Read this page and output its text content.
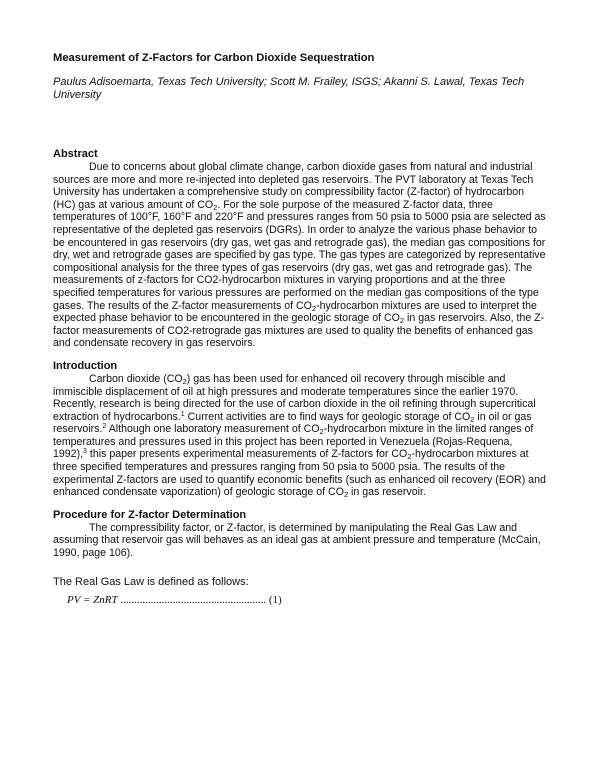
Measurement of Z-Factors for Carbon Dioxide Sequestration
Paulus Adisoemarta, Texas Tech University; Scott M. Frailey, ISGS; Akanni S. Lawal, Texas Tech University
Abstract

Due to concerns about global climate change, carbon dioxide gases from natural and industrial sources are more and more re-injected into depleted gas reservoirs. The PVT laboratory at Texas Tech University has undertaken a comprehensive study on compressibility factor (Z-factor) of hydrocarbon (HC) gas at various amount of $CO_2$. For the sole purpose of the measured Z-factor data, three temperatures of 100°F, 160°F and 220°F and pressures ranges from 50 psia to 5000 psia are selected as representative of the depleted gas reservoirs (DGRs). In order to analyze the various phase behavior to be encountered in gas reservoirs (dry gas, wet gas and retrograde gas), the median gas compositions for dry, wet and retrograde gases are specified by gas type. The gas types are categorized by representative compositional analysis for the three types of gas reservoirs (dry gas, wet gas and retrograde gas). The measurements of z-factors for CO2-hydrocarbon mixtures in varying proportions and at the three specified temperatures for various pressures are performed on the median gas compositions of the type gases. The results of the Z-factor measurements of $CO_2$-hydrocarbon mixtures are used to interpret the expected phase behavior to be encountered in the geologic storage of $CO_2$ in gas reservoirs. Also, the Z-factor measurements of CO2-retrograde gas mixtures are used to quality the benefits of enhanced gas and condensate recovery in gas reservoirs.

Introduction

Carbon dioxide $(CO_2)$ gas has been used for enhanced oil recovery through miscible and immiscible displacement of oil at high pressures and moderate temperatures since the earlier 1970. Recently, research is being directed for the use of carbon dioxide in the oil refining through supercritical extraction of hydrocarbons.$^1$ Current activities are to find ways for geologic storage of $CO_2$ in oil or gas reservoirs.$^2$ Although one laboratory measurement of $CO_2$-hydrocarbon mixture in the limited ranges of temperatures and pressures used in this project has been reported in Venezuela (Rojas-Requena, 1992),$^3$ this paper presents experimental measurements of Z-factors for $CO_2$-hydrocarbon mixtures at three specified temperatures and pressures ranging from 50 psia to 5000 psia. The results of the experimental Z-factors are used to quantify economic benefits (such as enhanced oil recovery (EOR) and enhanced condensate vaporization) of geologic storage of $CO_2$ in gas reservoir.

Procedure for Z-factor Determination

The compressibility factor, or Z-factor, is determined by manipulating the Real Gas Law and assuming that reservoir gas will behaves as an ideal gas at ambient pressure and temperature (McCain, 1990, page 106).

The Real Gas Law is defined as follows:
PV = ZnRT ..................................................... (1)
